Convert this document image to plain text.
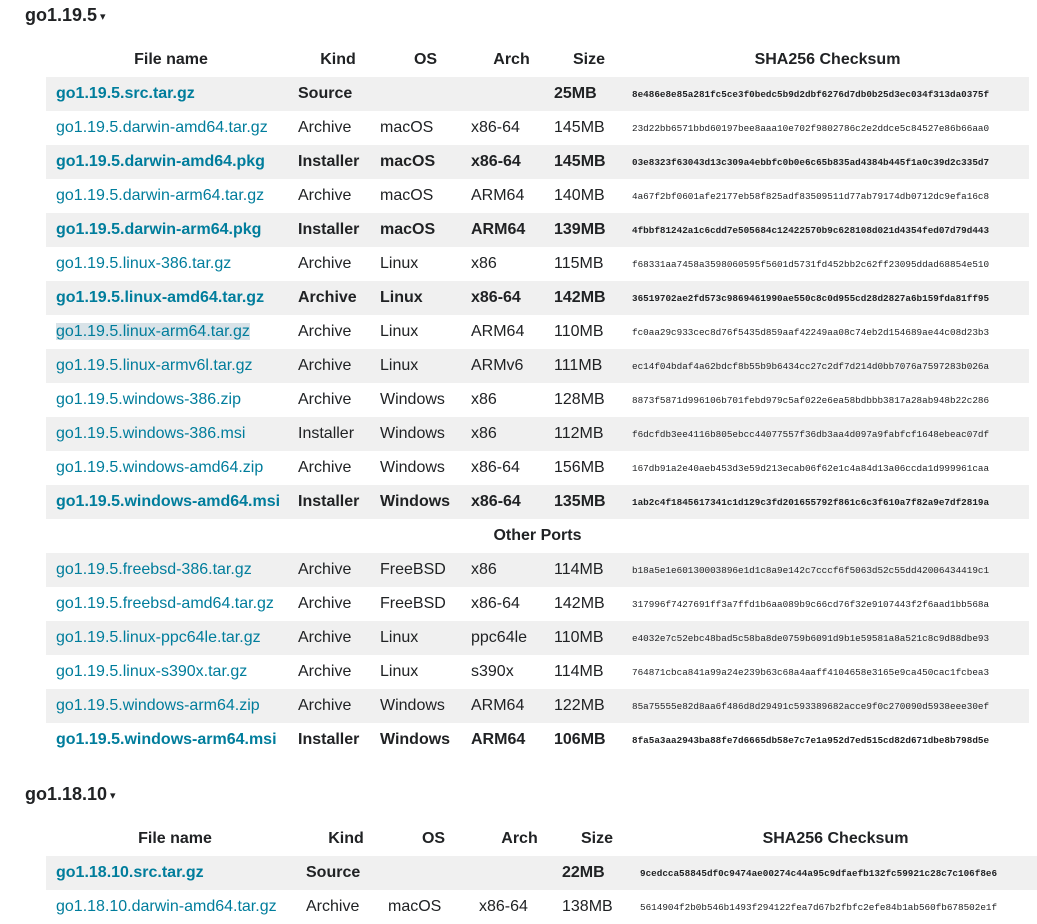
go1.19.5 ▾
File name	Kind	OS	Arch	Size	SHA256 Checksum
go1.19.5.src.tar.gz	Source			25MB	8e486e8e85a281fc5ce3f0bedc5b9d2dbf6276d7db0b25d3ec034f313da0375f
go1.19.5.darwin-amd64.tar.gz	Archive	macOS	x86-64	145MB	23d22bb6571bbd60197bee8aaa10e702f9802786c2e2ddce5c84527e86b66aa0
go1.19.5.darwin-amd64.pkg	Installer	macOS	x86-64	145MB	03e8323f63043d13c309a4ebbfc0b0e6c65b835ad4384b445f1a0c39d2c335d7
go1.19.5.darwin-arm64.tar.gz	Archive	macOS	ARM64	140MB	4a67f2bf0601afe2177eb58f825adf83509511d77ab79174db0712dc9efa16c8
go1.19.5.darwin-arm64.pkg	Installer	macOS	ARM64	139MB	4fbbf81242a1c6cdd7e505684c12422570b9c628108d021d4354fed07d79d443
go1.19.5.linux-386.tar.gz	Archive	Linux	x86	115MB	f68331aa7458a3598060595f5601d5731fd452bb2c62ff23095ddad68854e510
go1.19.5.linux-amd64.tar.gz	Archive	Linux	x86-64	142MB	36519702ae2fd573c9869461990ae550c8c0d955cd28d2827a6b159fda81ff95
go1.19.5.linux-arm64.tar.gz	Archive	Linux	ARM64	110MB	fc0aa29c933cec8d76f5435d859aaf42249aa08c74eb2d154689ae44c08d23b3
go1.19.5.linux-armv6l.tar.gz	Archive	Linux	ARMv6	111MB	ec14f04bdaf4a62bdcf8b55b9b6434cc27c2df7d214d0bb7076a7597283b026a
go1.19.5.windows-386.zip	Archive	Windows	x86	128MB	8873f5871d996106b701febd979c5af022e6ea58bdbbb3817a28ab948b22c286
go1.19.5.windows-386.msi	Installer	Windows	x86	112MB	f6dcfdb3ee4116b805ebcc44077557f36db3aa4d097a9fabfcf1648ebeac07df
go1.19.5.windows-amd64.zip	Archive	Windows	x86-64	156MB	167db91a2e40aeb453d3e59d213ecab06f62e1c4a84d13a06ccda1d999961caa
go1.19.5.windows-amd64.msi	Installer	Windows	x86-64	135MB	1ab2c4f1845617341c1d129c3fd201655792f861c6c3f610a7f82a9e7df2819a
Other Ports					
go1.19.5.freebsd-386.tar.gz	Archive	FreeBSD	x86	114MB	b18a5e1e60130003896e1d1c8a9e142c7cccf6f5063d52c55dd42006434419c1
go1.19.5.freebsd-amd64.tar.gz	Archive	FreeBSD	x86-64	142MB	317996f7427691ff3a7ffd1b6aa089b9c66cd76f32e9107443f2f6aad1bb568a
go1.19.5.linux-ppc64le.tar.gz	Archive	Linux	ppc64le	110MB	e4032e7c52ebc48bad5c58ba8de0759b6091d9b1e59581a8a521c8c9d88dbe93
go1.19.5.linux-s390x.tar.gz	Archive	Linux	s390x	114MB	764871cbca841a99a24e239b63c68a4aaff4104658e3165e9ca450cac1fcbea3
go1.19.5.windows-arm64.zip	Archive	Windows	ARM64	122MB	85a75555e82d8aa6f486d8d29491c593389682acce9f0c270090d5938eee30ef
go1.19.5.windows-arm64.msi	Installer	Windows	ARM64	106MB	8fa5a3aa2943ba88fe7d6665db58e7c7e1a952d7ed515cd82d671dbe8b798d5e
go1.18.10 ▾
File name	Kind	OS	Arch	Size	SHA256 Checksum
go1.18.10.src.tar.gz	Source			22MB	9cedcca58845df0c9474ae00274c44a95c9dfaefb132fc59921c28c7c106f8e6
go1.18.10.darwin-amd64.tar.gz	Archive	macOS	x86-64	138MB	5614904f2b0b546b1493f294122fea7d67b2fbfc2efe84b1ab560fb678502e1f
